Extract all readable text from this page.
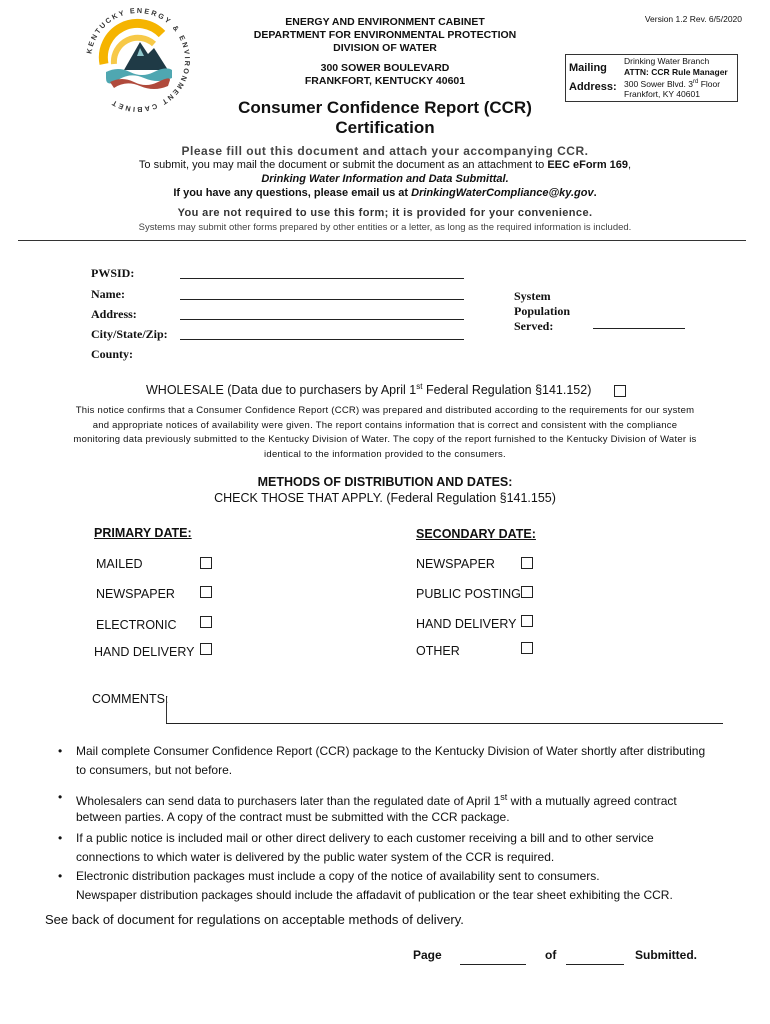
KENTUCKY ENERGY & ENVIRONMENT CABINET
ENERGY AND ENVIRONMENT CABINET
DEPARTMENT FOR ENVIRONMENTAL PROTECTION
DIVISION OF WATER
300 SOWER BOULEVARD
FRANKFORT, KENTUCKY 40601
Version 1.2 Rev. 6/5/2020
Mailing
Address:
Drinking Water Branch
ATTN: CCR Rule Manager
300 Sower Blvd. 3rd Floor
Frankfort, KY 40601
Consumer Confidence Report (CCR)
Certification
Please fill out this document and attach your accompanying CCR.
To submit, you may mail the document or submit the document as an attachment to EEC eForm 169,
Drinking Water Information and Data Submittal.
If you have any questions, please email us at DrinkingWaterCompliance@ky.gov.
You are not required to use this form; it is provided for your convenience.
Systems may submit other forms prepared by other entities or a letter, as long as the required information is included.
PWSID:
Name:
Address:
City/State/Zip:
County:
System
Population
Served:
WHOLESALE (Data due to purchasers by April 1st Federal Regulation §141.152)
This notice confirms that a Consumer Confidence Report (CCR) was prepared and distributed according to the requirements for our system and appropriate notices of availability were given. The report contains information that is correct and consistent with the compliance monitoring data previously submitted to the Kentucky Division of Water. The copy of the report furnished to the Kentucky Division of Water is identical to the information provided to the consumers.
METHODS OF DISTRIBUTION AND DATES:
CHECK THOSE THAT APPLY. (Federal Regulation §141.155)
PRIMARY DATE:
MAILED
NEWSPAPER
ELECTRONIC
HAND DELIVERY
SECONDARY DATE:
NEWSPAPER
PUBLIC POSTING
HAND DELIVERY
OTHER
COMMENTS:
• Mail complete Consumer Confidence Report (CCR) package to the Kentucky Division of Water shortly after distributing
to consumers, but not before.
• Wholesalers can send data to purchasers later than the regulated date of April 1st with a mutually agreed contract
between parties. A copy of the contract must be submitted with the CCR package.
• If a public notice is included mail or other direct delivery to each customer receiving a bill and to other service
connections to which water is delivered by the public water system of the CCR is required.
• Electronic distribution packages must include a copy of the notice of availability sent to consumers.
Newspaper distribution packages should include the affadavit of publication or the tear sheet exhibiting the CCR.
See back of document for regulations on acceptable methods of delivery.
Page	of	Submitted.
